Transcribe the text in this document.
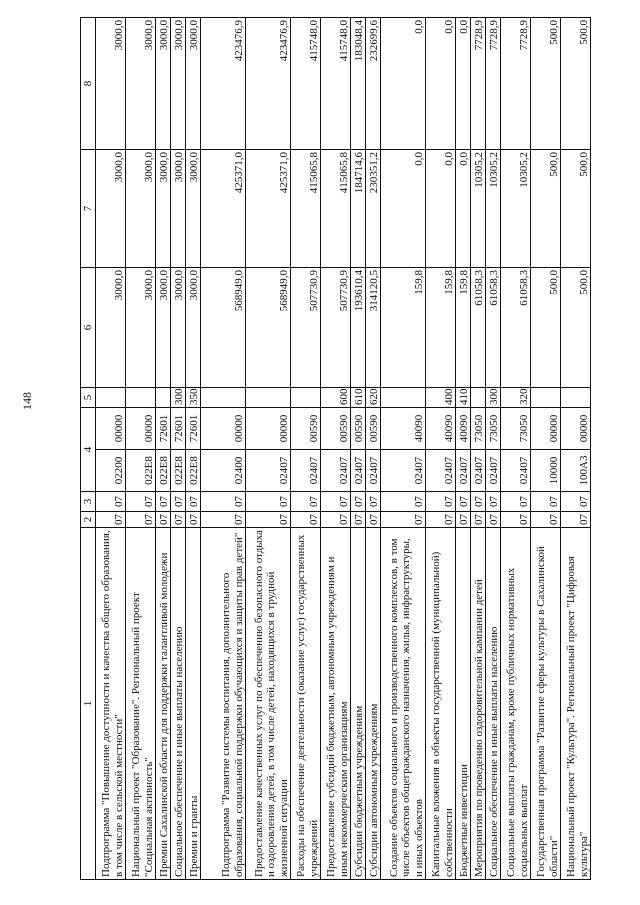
148
1	2	3	4		5	6	7	8
Подпрограмма "Повышение доступности и качества общего образования, в том числе в сельской местности"	07	07	02200	00000		3000,0	3000,0	3000,0
Национальный проект "Образование". Региональный проект "Социальная активность"	07	07	022E8	00000		3000,0	3000,0	3000,0
Премии Сахалинской области для поддержки талантливой молодежи	07	07	022E8	72601		3000,0	3000,0	3000,0
Социальное обеспечение и иные выплаты населению	07	07	022E8	72601	300	3000,0	3000,0	3000,0
Премии и гранты	07	07	022E8	72601	350	3000,0	3000,0	3000,0
Подпрограмма "Развитие системы воспитания, дополнительного образования, социальной поддержки обучающихся и защиты прав детей"	07	07	02400	00000		568949,0	425371,0	423476,9
Предоставление качественных услуг по обеспечению безопасного отдыха и оздоровления детей, в том числе детей, находящихся в трудной жизненной ситуации	07	07	02407	00000		568949,0	425371,0	423476,9
Расходы на обеспечение деятельности (оказание услуг) государственных учреждений	07	07	02407	00590		507730,9	415065,8	415748,0
Предоставление субсидий бюджетным, автономным учреждениям и иным некоммерческим организациям	07	07	02407	00590	600	507730,9	415065,8	415748,0
Субсидии бюджетным учреждениям	07	07	02407	00590	610	193610,4	184714,6	183048,4
Субсидии автономным учреждениям	07	07	02407	00590	620	314120,5	230351,2	232699,6
Создание объектов социального и производственного комплексов, в том числе объектов общегражданского назначения, жилья, инфраструктуры, и иных объектов	07	07	02407	40090		159,8	0,0	0,0
Капитальные вложения в объекты государственной (муниципальной) собственности	07	07	02407	40090	400	159,8	0,0	0,0
Бюджетные инвестиции	07	07	02407	40090	410	159,8	0,0	0,0
Мероприятия по проведению оздоровительной кампании детей	07	07	02407	73050		61058,3	10305,2	7728,9
Социальное обеспечение и иные выплаты населению	07	07	02407	73050	300	61058,3	10305,2	7728,9
Социальные выплаты гражданам, кроме публичных нормативных социальных выплат	07	07	02407	73050	320	61058,3	10305,2	7728,9
Государственная программа "Развитие сферы культуры в Сахалинской области"	07	07	10000	00000		500,0	500,0	500,0
Национальный проект "Культура". Региональный проект "Цифровая культура"	07	07	100A3	00000		500,0	500,0	500,0
